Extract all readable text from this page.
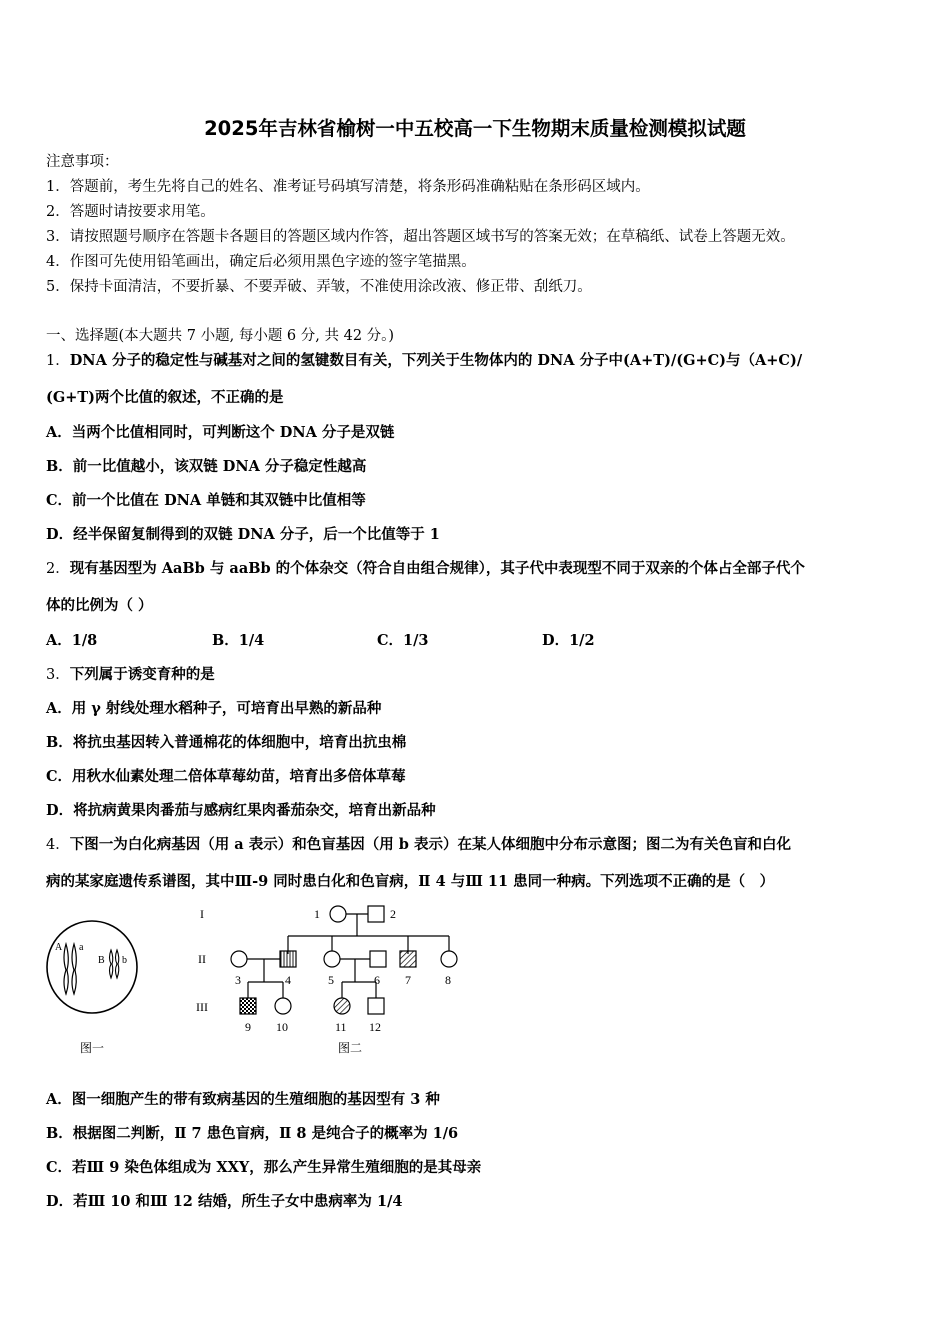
2025年吉林省榆树一中五校高一下生物期末质量检测模拟试题
注意事项：
1．答题前，考生先将自己的姓名、准考证号码填写清楚，将条形码准确粘贴在条形码区域内。
2．答题时请按要求用笔。
3．请按照题号顺序在答题卡各题目的答题区域内作答，超出答题区域书写的答案无效；在草稿纸、试卷上答题无效。
4．作图可先使用铅笔画出，确定后必须用黑色字迹的签字笔描黑。
5．保持卡面清洁，不要折暴、不要弄破、弄皱，不准使用涂改液、修正带、刮纸刀。
一、选择题(本大题共 7 小题, 每小题 6 分, 共 42 分。)
1．DNA 分子的稳定性与碱基对之间的氢键数目有关，下列关于生物体内的 DNA 分子中(A+T)/(G+C)与（A+C)/
(G+T)两个比值的叙述，不正确的是
A．当两个比值相同时，可判断这个 DNA 分子是双链
B．前一比值越小，该双链 DNA 分子稳定性越高
C．前一个比值在 DNA 单链和其双链中比值相等
D．经半保留复制得到的双链 DNA 分子，后一个比值等于 1
2．现有基因型为 AaBb 与 aaBb 的个体杂交（符合自由组合规律），其子代中表现型不同于双亲的个体占全部子代个
体的比例为（ ）
A．1/8	B．1/4	C．1/3	D．1/2
3．下列属于诱变育种的是
A．用 γ 射线处理水稻种子，可培育出早熟的新品种
B．将抗虫基因转入普通棉花的体细胞中，培育出抗虫棉
C．用秋水仙素处理二倍体草莓幼苗，培育出多倍体草莓
D．将抗病黄果肉番茄与感病红果肉番茄杂交，培育出新品种
4．下图一为白化病基因（用 a 表示）和色盲基因（用 b 表示）在某人体细胞中分布示意图；图二为有关色盲和白化
病的某家庭遗传系谱图，其中Ⅲ-9 同时患白化和色盲病，Ⅱ 4 与Ⅲ 11 患同一种病。下列选项不正确的是（　）
A a
B b
图一
I
II
III
1	2
3	4	5	6 7	8
9 10	11 12
图二
A．图一细胞产生的带有致病基因的生殖细胞的基因型有 3 种
B．根据图二判断，Ⅱ 7 患色盲病，Ⅱ 8 是纯合子的概率为 1/6
C．若Ⅲ 9 染色体组成为 XXY，那么产生异常生殖细胞的是其母亲
D．若Ⅲ 10 和Ⅲ 12 结婚，所生子女中患病率为 1/4
